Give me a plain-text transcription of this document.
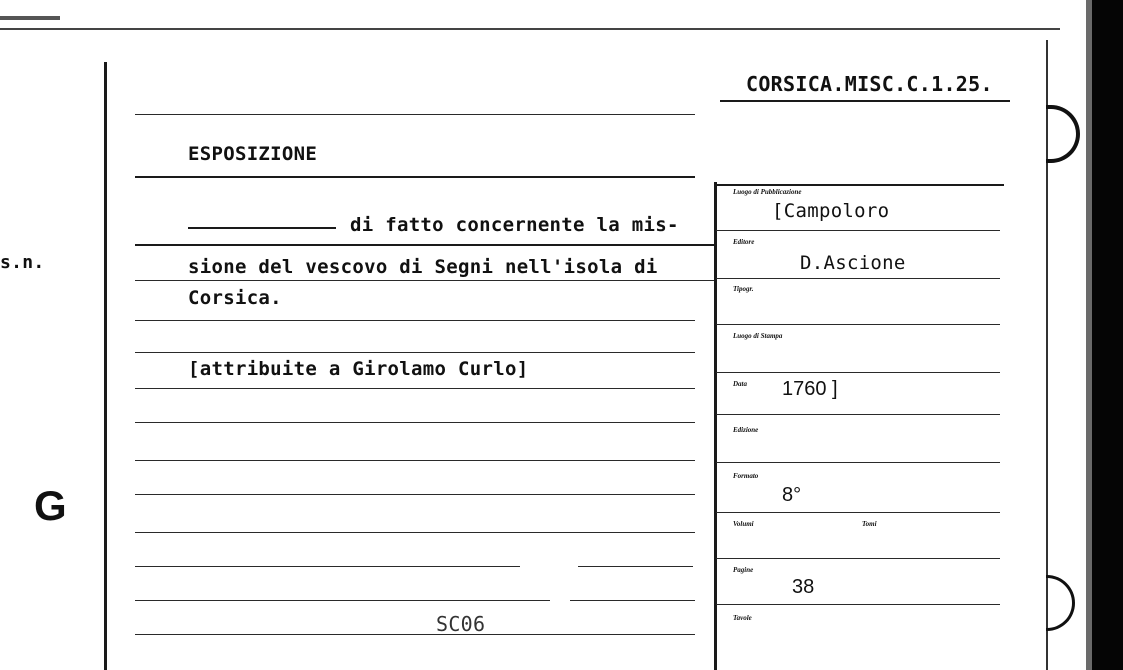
s.n.
G
CORSICA.MISC.C.1.25.
ESPOSIZIONE
di fatto concernente la mis-
sione del vescovo di Segni nell'isola di
Corsica.
[attribuite a Girolamo Curlo]
SC06
Luogo di Pubblicazione
[Campoloro
Editore
D.Ascione
Tipogr.
Luogo di Stampa
Data 1760 ]
Edizione
Formato
8°
Volumi	Tomi
Pagine
38
Tavole
